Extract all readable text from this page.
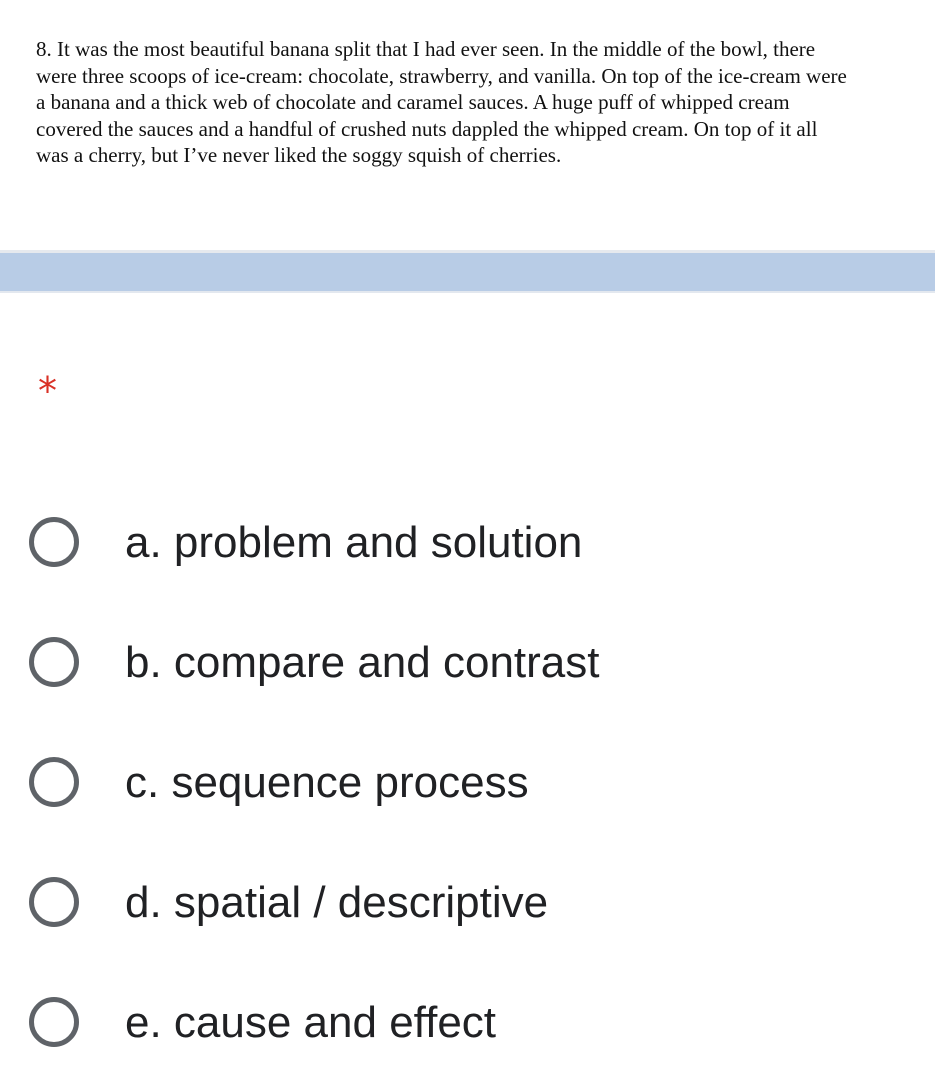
8. It was the most beautiful banana split that I had ever seen. In the middle of the bowl, there
were three scoops of ice-cream: chocolate, strawberry, and vanilla. On top of the ice-cream were
a banana and a thick web of chocolate and caramel sauces. A huge puff of whipped cream
covered the sauces and a handful of crushed nuts dappled the whipped cream. On top of it all
was a cherry, but I’ve never liked the soggy squish of cherries.
*
a. problem and solution
b. compare and contrast
c. sequence process
d. spatial / descriptive
e. cause and effect
